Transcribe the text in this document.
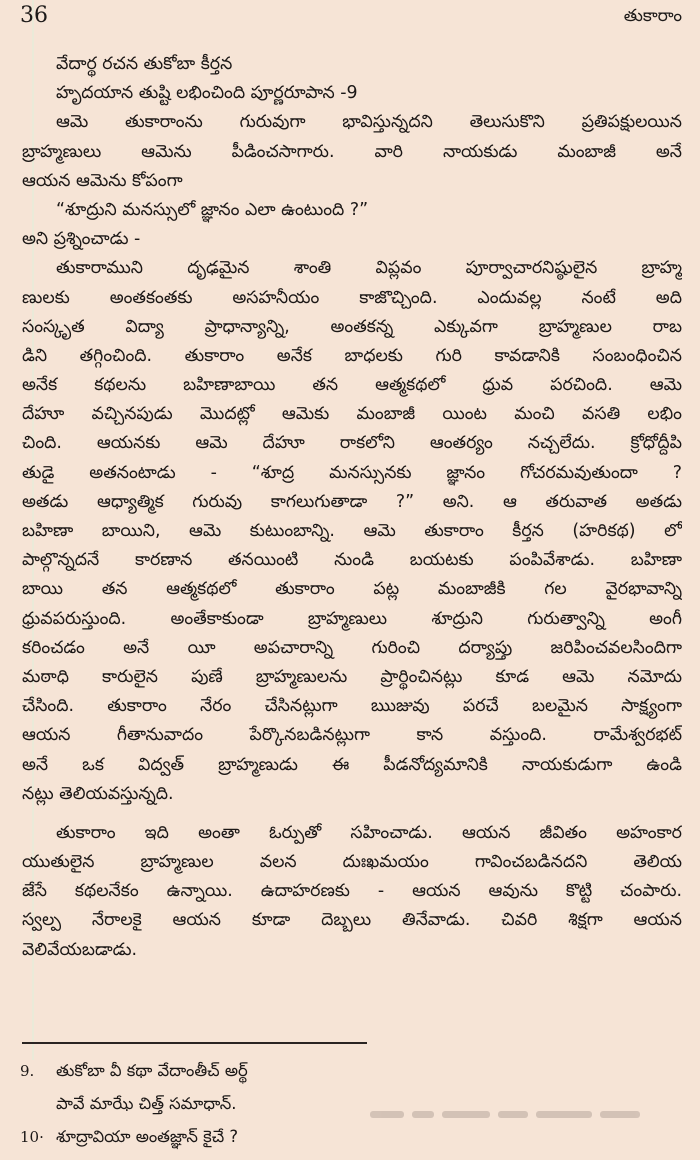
36	తుకారాం
వేదార్థ రచన తుకోబా కీర్తన
హృదయాన తుష్టి లభించింది పూర్ణరూపాన -9
ఆమె తుకారాంను గురువుగా భావిస్తున్నదని తెలుసుకొని ప్రతిపక్షులయిన
బ్రాహ్మణులు ఆమెను పీడించసాగారు. వారి నాయకుడు మంబాజీ అనే
ఆయన ఆమెను కోపంగా
“శూద్రుని మనస్సులో జ్ఞానం ఎలా ఉంటుంది ?”
అని ప్రశ్నించాడు -
తుకారాముని దృఢమైన శాంతి విప్లవం పూర్వాచారనిష్ఠులైన బ్రాహ్మ
ణులకు అంతకంతకు అసహనీయం కాజొచ్చింది. ఎందువల్ల నంటే అది
సంస్కృత విద్యా ప్రాధాన్యాన్ని, అంతకన్న ఎక్కువగా బ్రాహ్మణుల రాబ
డిని తగ్గించింది. తుకారాం అనేక బాధలకు గురి కావడానికి సంబంధించిన
అనేక కథలను బహిణాబాయి తన ఆత్మకథలో ధ్రువ పరచింది. ఆమె
దేహూ వచ్చినపుడు మొదట్లో ఆమెకు మంబాజీ యింట మంచి వసతి లభిం
చింది. ఆయనకు ఆమె దేహూ రాకలోని ఆంతర్యం నచ్చలేదు. క్రోధోద్దీపి
తుడై అతనంటాడు - “శూద్ర మనస్సునకు జ్ఞానం గోచరమవుతుందా ?
అతడు ఆధ్యాత్మిక గురువు కాగలుగుతాడా ?” అని. ఆ తరువాత అతడు
బహిణా బాయిని, ఆమె కుటుంబాన్ని. ఆమె తుకారాం కీర్తన (హరికథ) లో
పాల్గొన్నదనే కారణాన తనయింటి నుండి బయటకు పంపివేశాడు. బహిణా
బాయి తన ఆత్మకథలో తుకారాం పట్ల మంబాజీకి గల వైరభావాన్ని
ధ్రువపరుస్తుంది. అంతేకాకుండా బ్రాహ్మణులు శూద్రుని గురుత్వాన్ని అంగీ
కరించడం అనే యీ అపచారాన్ని గురించి దర్యాప్తు జరిపించవలసిందిగా
మఠాధి కారులైన పుణే బ్రాహ్మణులను ప్రార్థించినట్లు కూడ ఆమె నమోదు
చేసింది. తుకారాం నేరం చేసినట్లుగా ఋజువు పరచే బలమైన సాక్ష్యంగా
ఆయన గీతానువాదం పేర్కొనబడినట్లుగా కాన వస్తుంది. రామేశ్వరభట్
అనే ఒక విద్వత్ బ్రాహ్మణుడు ఈ పీడనోద్యమానికి నాయకుడుగా ఉండి
నట్లు తెలియవస్తున్నది.
తుకారాం ఇది అంతా ఓర్పుతో సహించాడు. ఆయన జీవితం అహంకార
యుతులైన బ్రాహ్మణుల వలన దుఃఖమయం గావించబడినదని తెలియ
జేసే కథలనేకం ఉన్నాయి. ఉదాహరణకు - ఆయన ఆవును కొట్టి చంపారు.
స్వల్ప నేరాలకై ఆయన కూడా దెబ్బలు తినేవాడు. చివరి శిక్షగా ఆయన
వెలివేయబడాడు.
9. తుకోబా వీ కథా వేదాంతీచ్ అర్థ్
పావే మాఝే చిత్త్ సమాధాన్.
10· శూద్రావియా అంతజ్ఞాన్ కైచే ?
